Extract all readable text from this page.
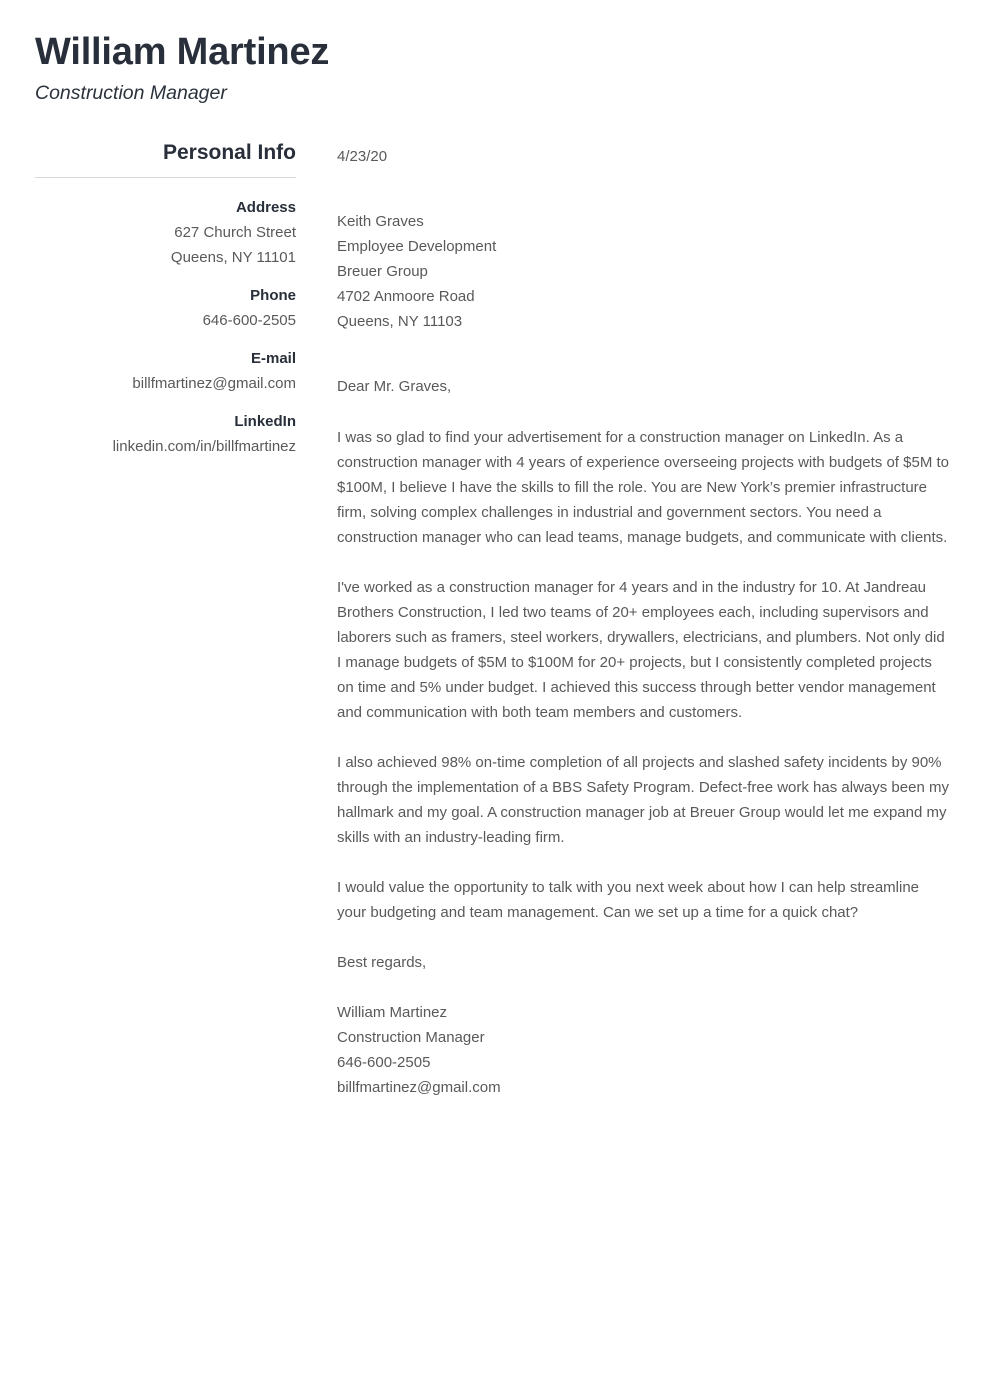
William Martinez
Construction Manager
Personal Info
Address
627 Church Street
Queens, NY 11101
Phone
646-600-2505
E-mail
billfmartinez@gmail.com
LinkedIn
linkedin.com/in/billfmartinez
4/23/20
Keith Graves
Employee Development
Breuer Group
4702 Anmoore Road
Queens, NY 11103
Dear Mr. Graves,

I was so glad to find your advertisement for a construction manager on LinkedIn. As a construction manager with 4 years of experience overseeing projects with budgets of $5M to $100M, I believe I have the skills to fill the role. You are New York’s premier infrastructure firm, solving complex challenges in industrial and government sectors. You need a construction manager who can lead teams, manage budgets, and communicate with clients.

I've worked as a construction manager for 4 years and in the industry for 10. At Jandreau Brothers Construction, I led two teams of 20+ employees each, including supervisors and laborers such as framers, steel workers, drywallers, electricians, and plumbers. Not only did I manage budgets of $5M to $100M for 20+ projects, but I consistently completed projects on time and 5% under budget. I achieved this success through better vendor management and communication with both team members and customers.

I also achieved 98% on-time completion of all projects and slashed safety incidents by 90% through the implementation of a BBS Safety Program. Defect-free work has always been my hallmark and my goal. A construction manager job at Breuer Group would let me expand my skills with an industry-leading firm.

I would value the opportunity to talk with you next week about how I can help streamline your budgeting and team management. Can we set up a time for a quick chat?

Best regards,
William Martinez
Construction Manager
646-600-2505
billfmartinez@gmail.com
